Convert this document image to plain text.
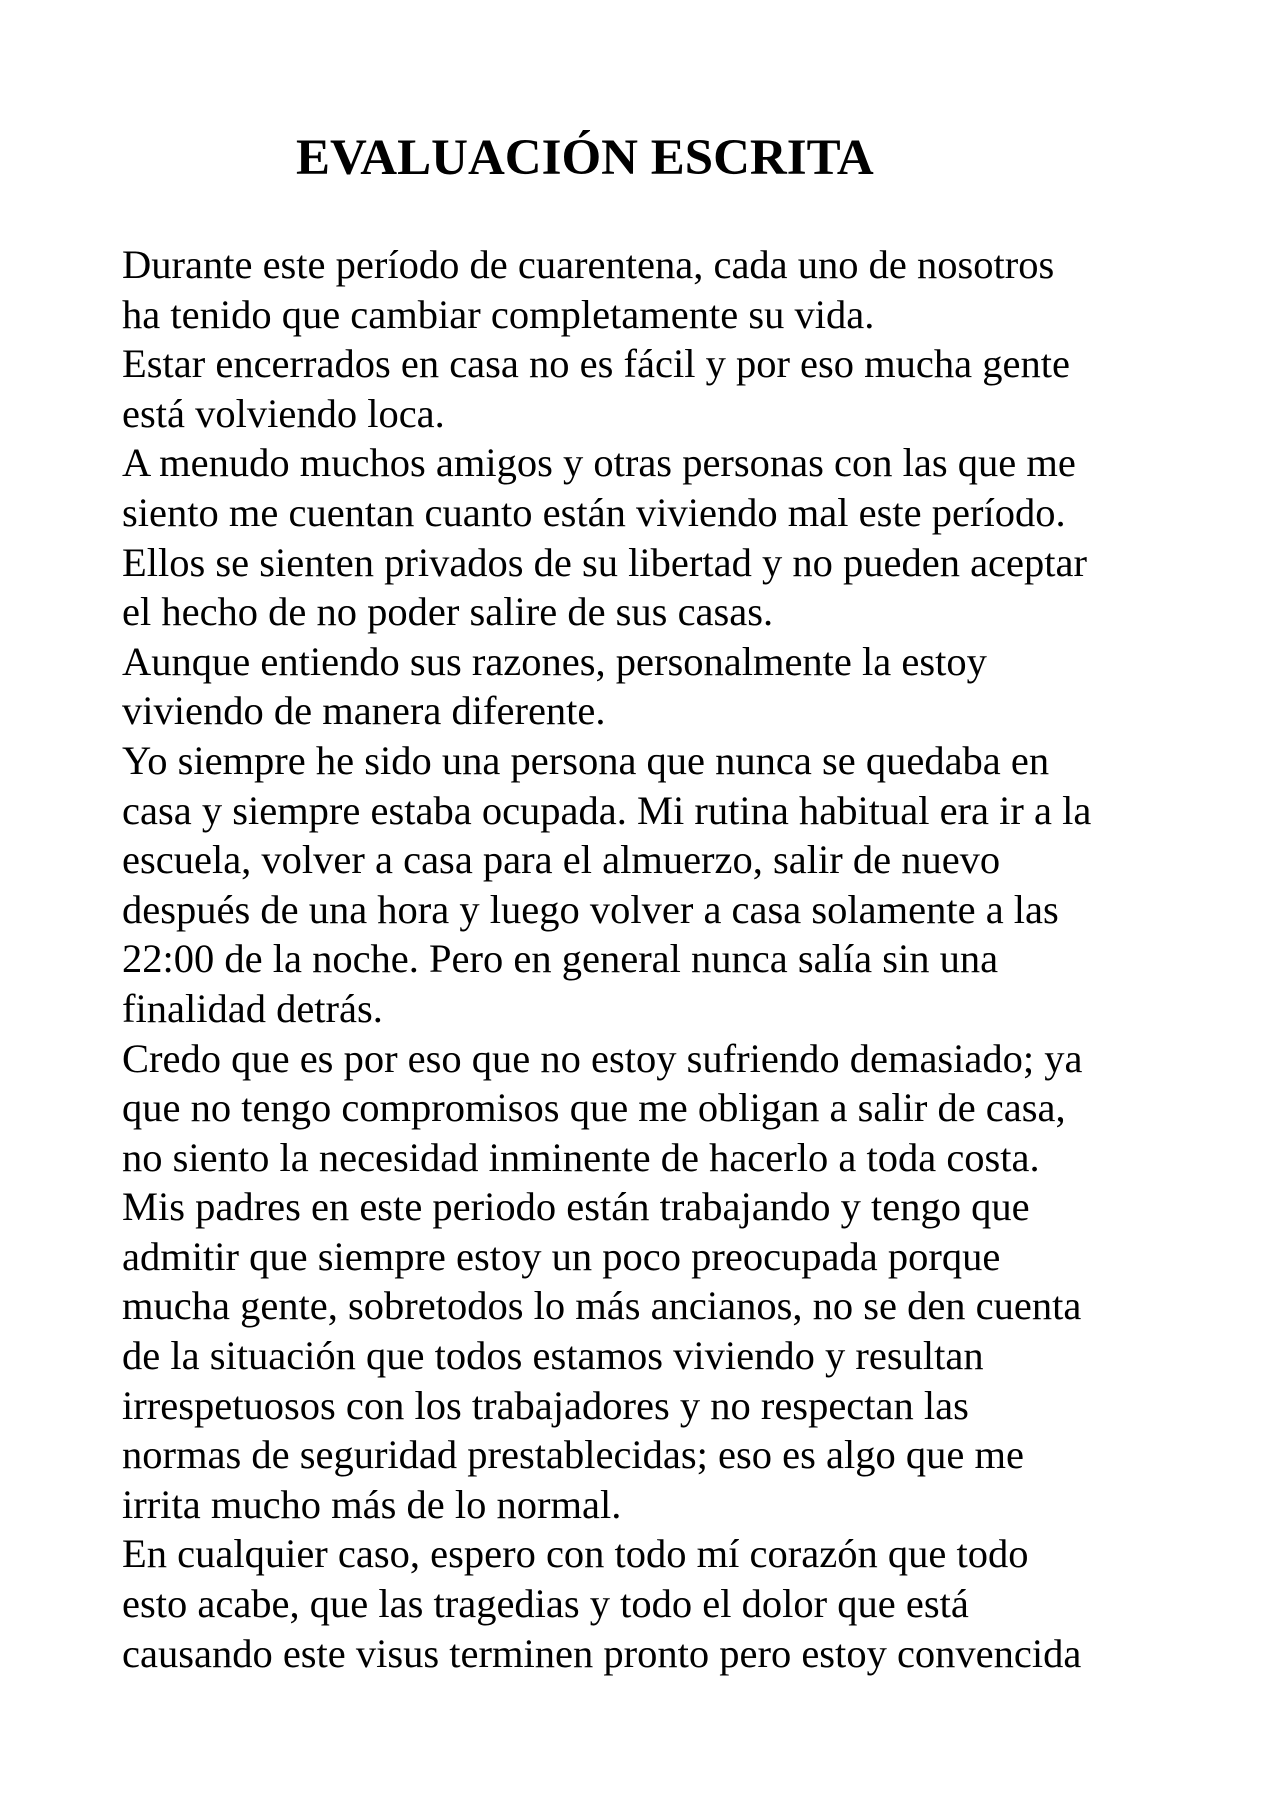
EVALUACIÓN ESCRITA
Durante este período de cuarentena, cada uno de nosotros
ha tenido que cambiar completamente su vida.
Estar encerrados en casa no es fácil y por eso mucha gente
está volviendo loca.
A menudo muchos amigos y otras personas con las que me
siento me cuentan cuanto están viviendo mal este período.
Ellos se sienten privados de su libertad y no pueden aceptar
el hecho de no poder salire de sus casas.
Aunque entiendo sus razones, personalmente la estoy
viviendo de manera diferente.
Yo siempre he sido una persona que nunca se quedaba en
casa y siempre estaba ocupada. Mi rutina habitual era ir a la
escuela, volver a casa para el almuerzo, salir de nuevo
después de una hora y luego volver a casa solamente a las
22:00 de la noche. Pero en general nunca salía sin una
finalidad detrás.
Credo que es por eso que no estoy sufriendo demasiado; ya
que no tengo compromisos que me obligan a salir de casa,
no siento la necesidad inminente de hacerlo a toda costa.
Mis padres en este periodo están trabajando y tengo que
admitir que siempre estoy un poco preocupada porque
mucha gente, sobretodos lo más ancianos, no se den cuenta
de la situación que todos estamos viviendo y resultan
irrespetuosos con los trabajadores y no respectan las
normas de seguridad prestablecidas; eso es algo que me
irrita mucho más de lo normal.
En cualquier caso, espero con todo mí corazón que todo
esto acabe, que las tragedias y todo el dolor que está
causando este visus terminen pronto pero estoy convencida
